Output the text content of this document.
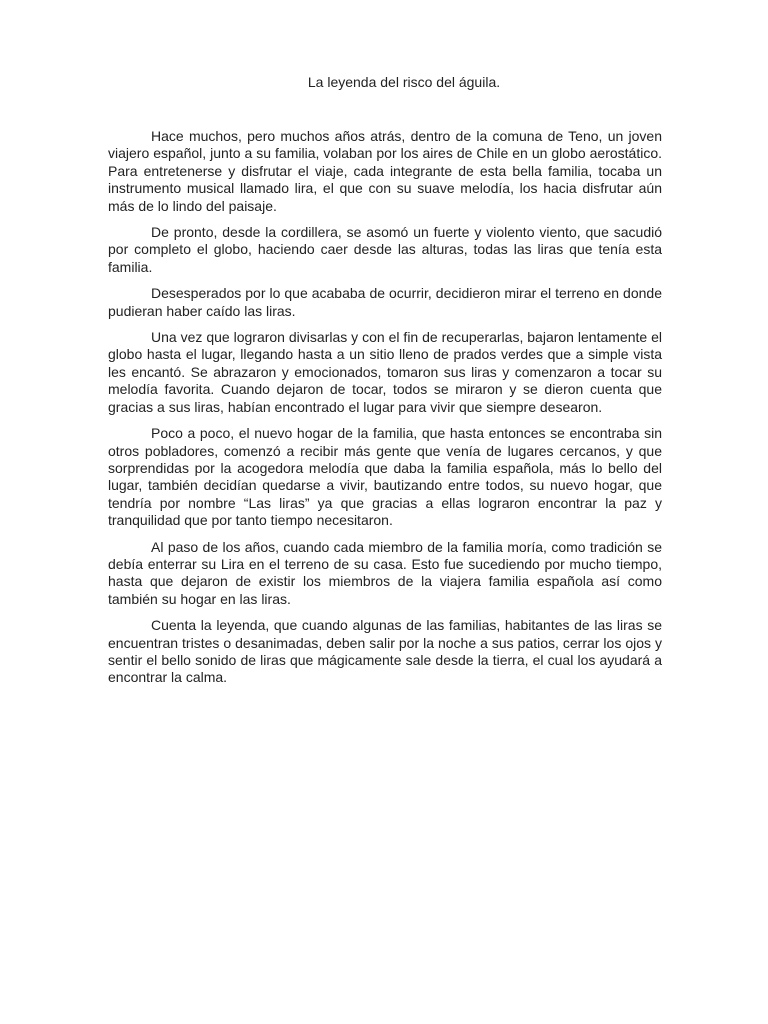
La leyenda del risco del águila.

Hace muchos, pero muchos años atrás, dentro de la comuna de Teno, un joven viajero español, junto a su familia, volaban por los aires de Chile en un globo aerostático. Para entretenerse y disfrutar el viaje, cada integrante de esta bella familia, tocaba un instrumento musical llamado lira, el que con su suave melodía, los hacia disfrutar aún más de lo lindo del paisaje.

De pronto, desde la cordillera, se asomó un fuerte y violento viento, que sacudió por completo el globo, haciendo caer desde las alturas, todas las liras que tenía esta familia.

Desesperados por lo que acababa de ocurrir, decidieron mirar el terreno en donde pudieran haber caído las liras.

Una vez que lograron divisarlas y con el fin de recuperarlas, bajaron lentamente el globo hasta el lugar, llegando hasta a un sitio lleno de prados verdes que a simple vista les encantó. Se abrazaron y emocionados, tomaron sus liras y comenzaron a tocar su melodía favorita. Cuando dejaron de tocar, todos se miraron y se dieron cuenta que gracias a sus liras, habían encontrado el lugar para vivir que siempre desearon.

Poco a poco, el nuevo hogar de la familia, que hasta entonces se encontraba sin otros pobladores, comenzó a recibir más gente que venía de lugares cercanos, y que sorprendidas por la acogedora melodía que daba la familia española, más lo bello del lugar, también decidían quedarse a vivir, bautizando entre todos, su nuevo hogar, que tendría por nombre “Las liras” ya que gracias a ellas lograron encontrar la paz y tranquilidad que por tanto tiempo necesitaron.

Al paso de los años, cuando cada miembro de la familia moría, como tradición se debía enterrar su Lira en el terreno de su casa. Esto fue sucediendo por mucho tiempo, hasta que dejaron de existir los miembros de la viajera familia española así como también su hogar en las liras.

Cuenta la leyenda, que cuando algunas de las familias, habitantes de las liras se encuentran tristes o desanimadas, deben salir por la noche a sus patios, cerrar los ojos y sentir el bello sonido de liras que mágicamente sale desde la tierra, el cual los ayudará a encontrar la calma.
